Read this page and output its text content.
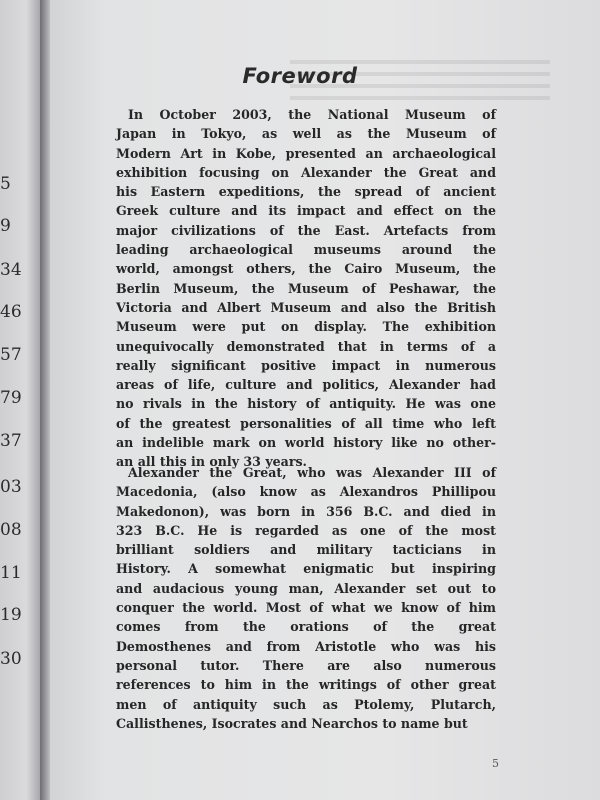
5
9
34
46
57
79
37
03
08
11
19
30
Foreword

In October 2003, the National Museum of
Japan in Tokyo, as well as the Museum of
Modern Art in Kobe, presented an archaeological
exhibition focusing on Alexander the Great and
his Eastern expeditions, the spread of ancient
Greek culture and its impact and effect on the
major civilizations of the East. Artefacts from
leading archaeological museums around the
world, amongst others, the Cairo Museum, the
Berlin Museum, the Museum of Peshawar, the
Victoria and Albert Museum and also the British
Museum were put on display. The exhibition
unequivocally demonstrated that in terms of a
really significant positive impact in numerous
areas of life, culture and politics, Alexander had
no rivals in the history of antiquity. He was one
of the greatest personalities of all time who left
an indelible mark on world history like no other-
an all this in only 33 years.

Alexander the Great, who was Alexander III of
Macedonia, (also know as Alexandros Phillipou
Makedonon), was born in 356 B.C. and died in
323 B.C. He is regarded as one of the most
brilliant soldiers and military tacticians in
History. A somewhat enigmatic but inspiring
and audacious young man, Alexander set out to
conquer the world. Most of what we know of him
comes from the orations of the great
Demosthenes and from Aristotle who was his
personal tutor. There are also numerous
references to him in the writings of other great
men of antiquity such as Ptolemy, Plutarch,
Callisthenes, Isocrates and Nearchos to name but

5
